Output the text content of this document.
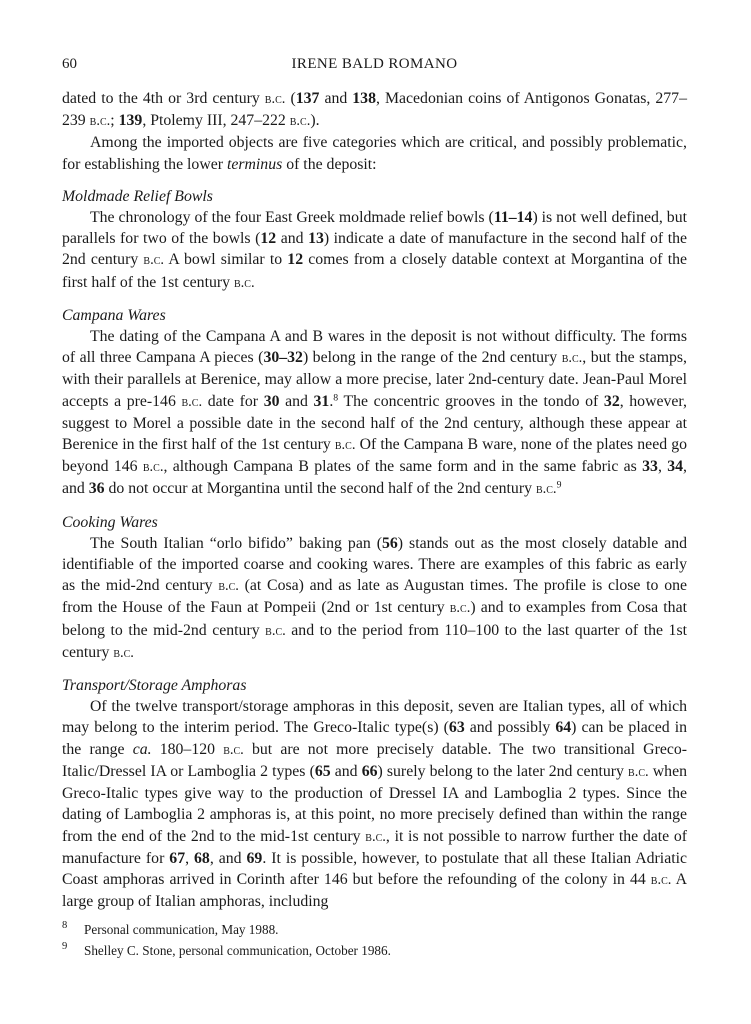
60	IRENE BALD ROMANO

dated to the 4th or 3rd century b.c. (137 and 138, Macedonian coins of Antigonos Gonatas, 277–239 b.c.; 139, Ptolemy III, 247–222 b.c.).

Among the imported objects are five categories which are critical, and possibly problematic, for establishing the lower terminus of the deposit:

Moldmade Relief Bowls

The chronology of the four East Greek moldmade relief bowls (11–14) is not well defined, but parallels for two of the bowls (12 and 13) indicate a date of manufacture in the second half of the 2nd century b.c. A bowl similar to 12 comes from a closely datable context at Morgantina of the first half of the 1st century b.c.

Campana Wares

The dating of the Campana A and B wares in the deposit is not without difficulty. The forms of all three Campana A pieces (30–32) belong in the range of the 2nd century b.c., but the stamps, with their parallels at Berenice, may allow a more precise, later 2nd-century date. Jean-Paul Morel accepts a pre-146 b.c. date for 30 and 31.$^8$ The concentric grooves in the tondo of 32, however, suggest to Morel a possible date in the second half of the 2nd century, although these appear at Berenice in the first half of the 1st century b.c. Of the Campana B ware, none of the plates need go beyond 146 b.c., although Campana B plates of the same form and in the same fabric as 33, 34, and 36 do not occur at Morgantina until the second half of the 2nd century b.c.$^9$

Cooking Wares

The South Italian “orlo bifido” baking pan (56) stands out as the most closely datable and identifiable of the imported coarse and cooking wares. There are examples of this fabric as early as the mid-2nd century b.c. (at Cosa) and as late as Augustan times. The profile is close to one from the House of the Faun at Pompeii (2nd or 1st century b.c.) and to examples from Cosa that belong to the mid-2nd century b.c. and to the period from 110–100 to the last quarter of the 1st century b.c.

Transport/Storage Amphoras

Of the twelve transport/storage amphoras in this deposit, seven are Italian types, all of which may belong to the interim period. The Greco-Italic type(s) (63 and possibly 64) can be placed in the range ca. 180–120 b.c. but are not more precisely datable. The two transitional Greco-Italic/Dressel IA or Lamboglia 2 types (65 and 66) surely belong to the later 2nd century b.c. when Greco-Italic types give way to the production of Dressel IA and Lamboglia 2 types. Since the dating of Lamboglia 2 amphoras is, at this point, no more precisely defined than within the range from the end of the 2nd to the mid-1st century b.c., it is not possible to narrow further the date of manufacture for 67, 68, and 69. It is possible, however, to postulate that all these Italian Adriatic Coast amphoras arrived in Corinth after 146 but before the refounding of the colony in 44 b.c. A large group of Italian amphoras, including

$^8$ Personal communication, May 1988.

$^9$ Shelley C. Stone, personal communication, October 1986.
